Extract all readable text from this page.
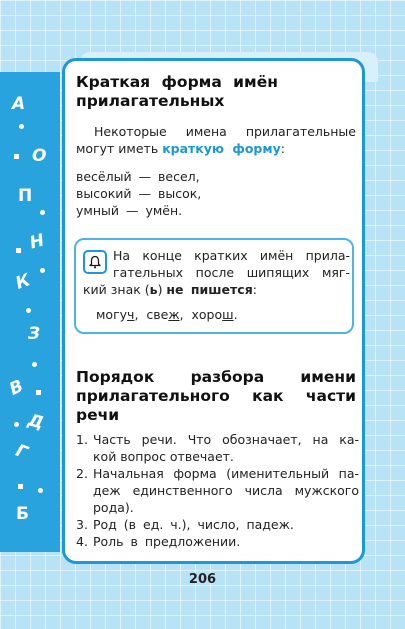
А
О
П
Н
К
З
В
Д
Г
Б
Краткая форма имён
прилагательных
Некоторые имена прилагательные
могут иметь краткую форму:
весёлый — весел,
высокий — высок,
умный — умён.
На конце кратких имён прила-
гательных после шипящих мяг-
кий знак (ь) не пишется:
могуч, свеж, хорош.
Порядок разбора имени
прилагательного как части
речи
1. Часть речи. Что обозначает, на ка-
кой вопрос отвечает.
2. Начальная форма (именительный па-
деж единственного числа мужского
рода).
3. Род (в ед. ч.), число, падеж.
4. Роль в предложении.
206
